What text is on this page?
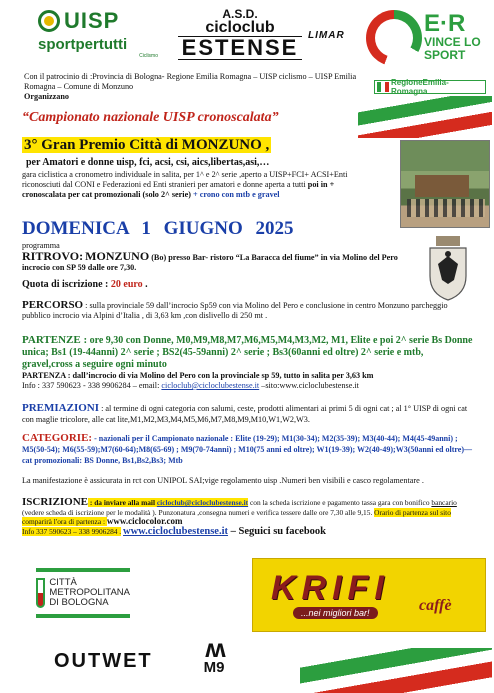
UISP
sportpertutti
Ciclismo
A.S.D.
cicloclub
ESTENSE LIMAR	E·R
VINCE LO
SPORT
RegioneEmilia-Romagna
Con il patrocinio di :Provincia di Bologna- Regione Emilia Romagna – UISP ciclismo – UISP Emilia Romagna – Comune di Monzuno
Organizzano
“Campionato nazionale UISP cronoscalata”
3° Gran Premio Città di MONZUNO ,
per Amatori e donne uisp, fci, acsi, csi, aics,libertas,asi,…
gara ciclistica a cronometro individuale in salita, per 1^ e 2^ serie ,aperto a UISP+FCI+ ACSI+Enti riconosciuti dal CONI e Federazioni ed Enti stranieri per amatori e donne aperta a tutti poi in + cronoscalata per cat promozionali (solo 2^ serie) + crono con mtb e gravel
DOMENICA 1 GIUGNO 2025
programma
RITROVO: MONZUNO (Bo) presso Bar- ristoro “La Baracca del fiume” in via Molino del Pero incrocio con SP 59 dalle ore 7,30.
Quota di iscrizione : 20 euro .
PERCORSO : sulla provinciale 59 dall’incrocio Sp59 con via Molino del Pero e conclusione in centro Monzuno parcheggio pubblico incrocio via Alpini d’Italia , di 3,63 km ,con dislivello di 250 mt .
PARTENZE : ore 9,30 con Donne, M0,M9,M8,M7,M6,M5,M4,M3,M2, M1, Elite e poi 2^ serie Bs Donne unica; Bs1 (19-44anni) 2^ serie ; BS2(45-59anni) 2^ serie ; Bs3(60anni ed oltre) 2^ serie e mtb, gravel,cross a seguire ogni minuto
PARTENZA : dall’incrocio di via Molino del Pero con la provinciale sp 59, tutto in salita per 3,63 km
Info : 337 590623 - 338 9906284 – email: cicloclub@cicloclubestense.it –sito:www.cicloclubestense.it
PREMIAZIONI : al termine di ogni categoria con salumi, ceste, prodotti alimentari ai primi 5 di ogni cat ; al 1° UISP di ogni cat con maglie tricolore, alle cat lite,M1,M2,M3,M4,M5,M6,M7,M8,M9,M10,W1,W2,W3.
CATEGORIE: - nazionali per il Campionato nazionale : Elite (19-29); M1(30-34); M2(35-39); M3(40-44); M4(45-49anni) ; M5(50-54); M6(55-59);M7(60-64);M8(65-69) ; M9(70-74anni) ; M10(75 anni ed oltre); W1(19-39); W2(40-49);W3(50anni ed oltre)— cat promozionali: BS Donne, Bs1,Bs2,Bs3; Mtb
La manifestazione è assicurata in rct con UNIPOL SAI;vige regolamento uisp .Numeri ben visibili e casco regolamentare .
ISCRIZIONE : da inviare alla mail cicloclub@cicloclubestense.it con la scheda iscrizione e pagamento tassa gara con bonifico bancario (vedere scheda di iscrizione per le modalità ). Punzonatura ,consegna numeri e verifica tessere dalle ore 7,30 alle 9,15. Orario di partenza sul sito comparirà l'ora di partenza : www.ciclocolor.com
Info 337 590623 – 338 9906284 . www.cicloclubestense.it – Seguici su facebook
CITTÀ
METROPOLITANA
DI BOLOGNA	KRIFI caffè
...nei migliori bar!
OUTWET	ʍ
M9
